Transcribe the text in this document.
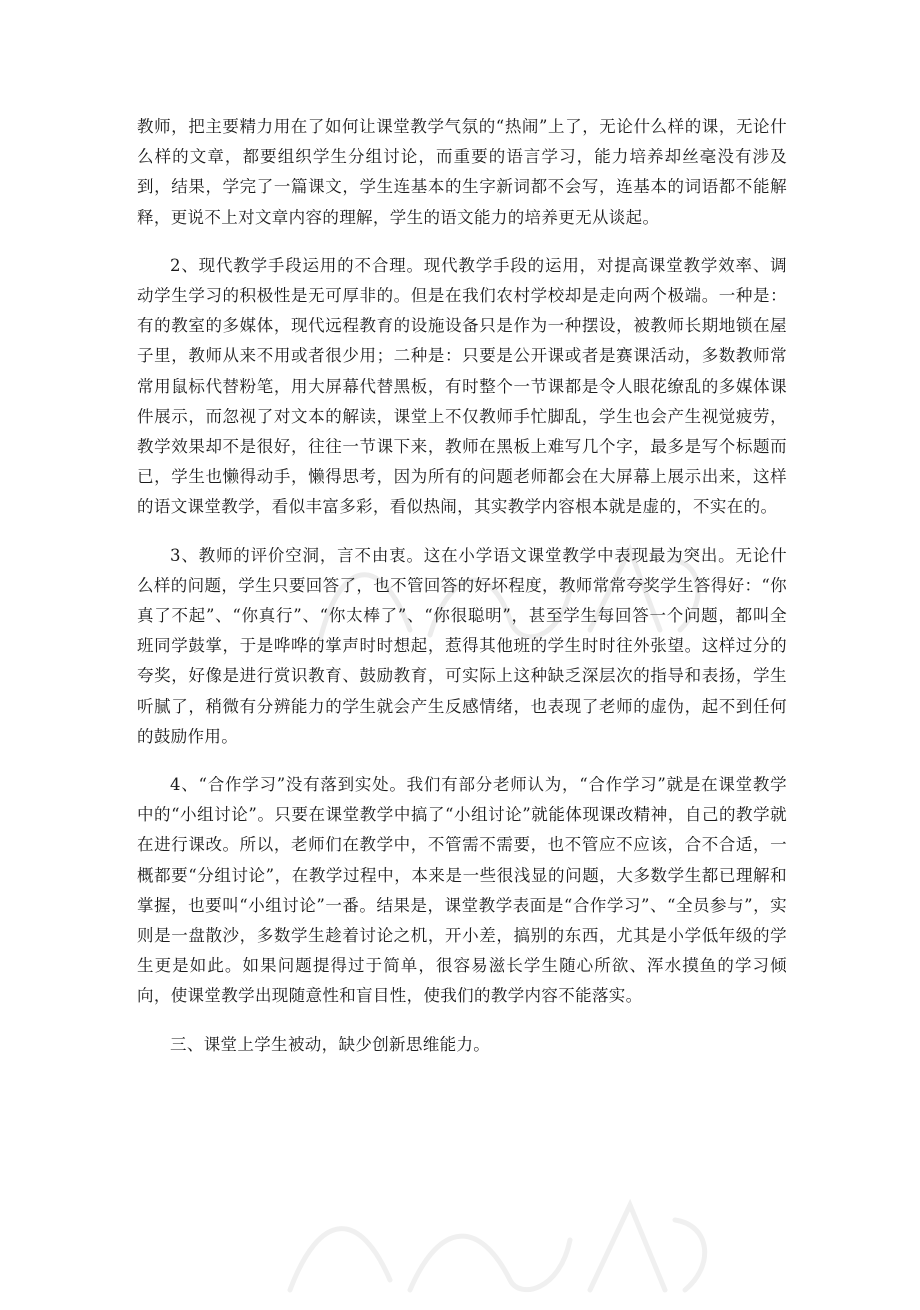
教师，把主要精力用在了如何让课堂教学气氛的“热闹”上了，无论什么样的课，无论什么样的文章，都要组织学生分组讨论，而重要的语言学习，能力培养却丝毫没有涉及到，结果，学完了一篇课文，学生连基本的生字新词都不会写，连基本的词语都不能解释，更说不上对文章内容的理解，学生的语文能力的培养更无从谈起。

2、现代教学手段运用的不合理。现代教学手段的运用，对提高课堂教学效率、调动学生学习的积极性是无可厚非的。但是在我们农村学校却是走向两个极端。一种是：有的教室的多媒体，现代远程教育的设施设备只是作为一种摆设，被教师长期地锁在屋子里，教师从来不用或者很少用；二种是：只要是公开课或者是赛课活动，多数教师常常用鼠标代替粉笔，用大屏幕代替黑板，有时整个一节课都是令人眼花缭乱的多媒体课件展示，而忽视了对文本的解读，课堂上不仅教师手忙脚乱，学生也会产生视觉疲劳，教学效果却不是很好，往往一节课下来，教师在黑板上难写几个字，最多是写个标题而已，学生也懒得动手，懒得思考，因为所有的问题老师都会在大屏幕上展示出来，这样的语文课堂教学，看似丰富多彩，看似热闹，其实教学内容根本就是虚的，不实在的。

3、教师的评价空洞，言不由衷。这在小学语文课堂教学中表现最为突出。无论什么样的问题，学生只要回答了，也不管回答的好坏程度，教师常常夸奖学生答得好：“你真了不起”、“你真行”、“你太棒了”、“你很聪明”，甚至学生每回答一个问题，都叫全班同学鼓掌，于是哗哗的掌声时时想起，惹得其他班的学生时时往外张望。这样过分的夸奖，好像是进行赏识教育、鼓励教育，可实际上这种缺乏深层次的指导和表扬，学生听腻了，稍微有分辨能力的学生就会产生反感情绪，也表现了老师的虚伪，起不到任何的鼓励作用。

4、“合作学习”没有落到实处。我们有部分老师认为，“合作学习”就是在课堂教学中的“小组讨论”。只要在课堂教学中搞了“小组讨论”就能体现课改精神，自己的教学就在进行课改。所以，老师们在教学中，不管需不需要，也不管应不应该，合不合适，一概都要“分组讨论”，在教学过程中，本来是一些很浅显的问题，大多数学生都已理解和掌握，也要叫“小组讨论”一番。结果是，课堂教学表面是“合作学习”、“全员参与”，实则是一盘散沙，多数学生趁着讨论之机，开小差，搞别的东西，尤其是小学低年级的学生更是如此。如果问题提得过于简单，很容易滋长学生随心所欲、浑水摸鱼的学习倾向，使课堂教学出现随意性和盲目性，使我们的教学内容不能落实。

三、课堂上学生被动，缺少创新思维能力。
